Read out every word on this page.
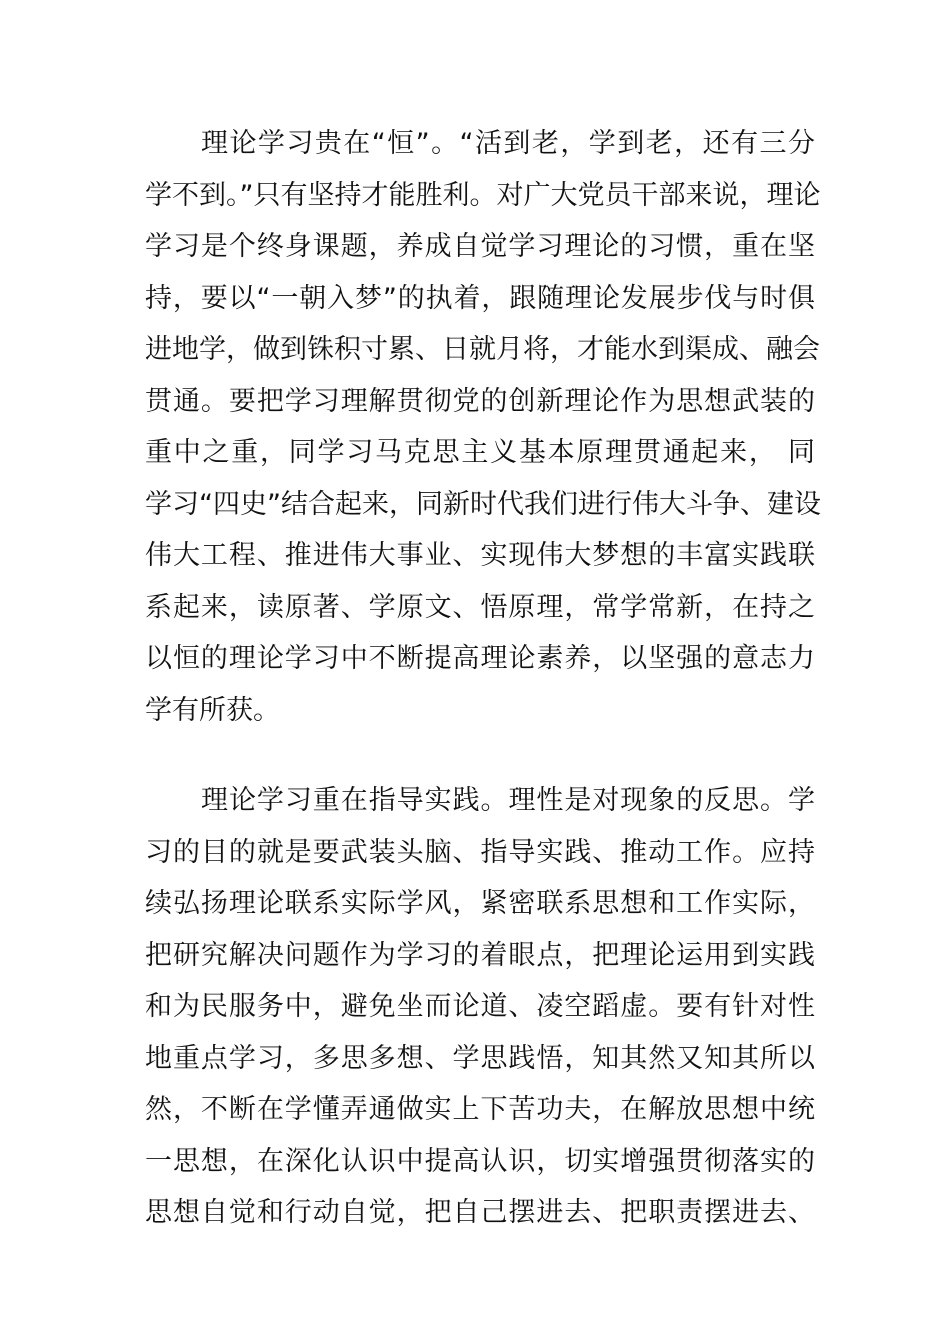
理论学习贵在“恒”。“活到老，学到老，还有三分
学不到。”只有坚持才能胜利。对广大党员干部来说，理论
学习是个终身课题，养成自觉学习理论的习惯，重在坚
持，要以“一朝入梦”的执着，跟随理论发展步伐与时俱
进地学，做到铢积寸累、日就月将，才能水到渠成、融会
贯通。要把学习理解贯彻党的创新理论作为思想武装的
重中之重，同学习马克思主义基本原理贯通起来， 同
学习“四史”结合起来，同新时代我们进行伟大斗争、建设
伟大工程、推进伟大事业、实现伟大梦想的丰富实践联
系起来，读原著、学原文、悟原理，常学常新，在持之
以恒的理论学习中不断提高理论素养，以坚强的意志力
学有所获。
理论学习重在指导实践。理性是对现象的反思。学
习的目的就是要武装头脑、指导实践、推动工作。应持
续弘扬理论联系实际学风，紧密联系思想和工作实际，
把研究解决问题作为学习的着眼点，把理论运用到实践
和为民服务中，避免坐而论道、凌空蹈虚。要有针对性
地重点学习，多思多想、学思践悟，知其然又知其所以
然，不断在学懂弄通做实上下苦功夫，在解放思想中统
一思想，在深化认识中提高认识，切实增强贯彻落实的
思想自觉和行动自觉，把自己摆进去、把职责摆进去、
